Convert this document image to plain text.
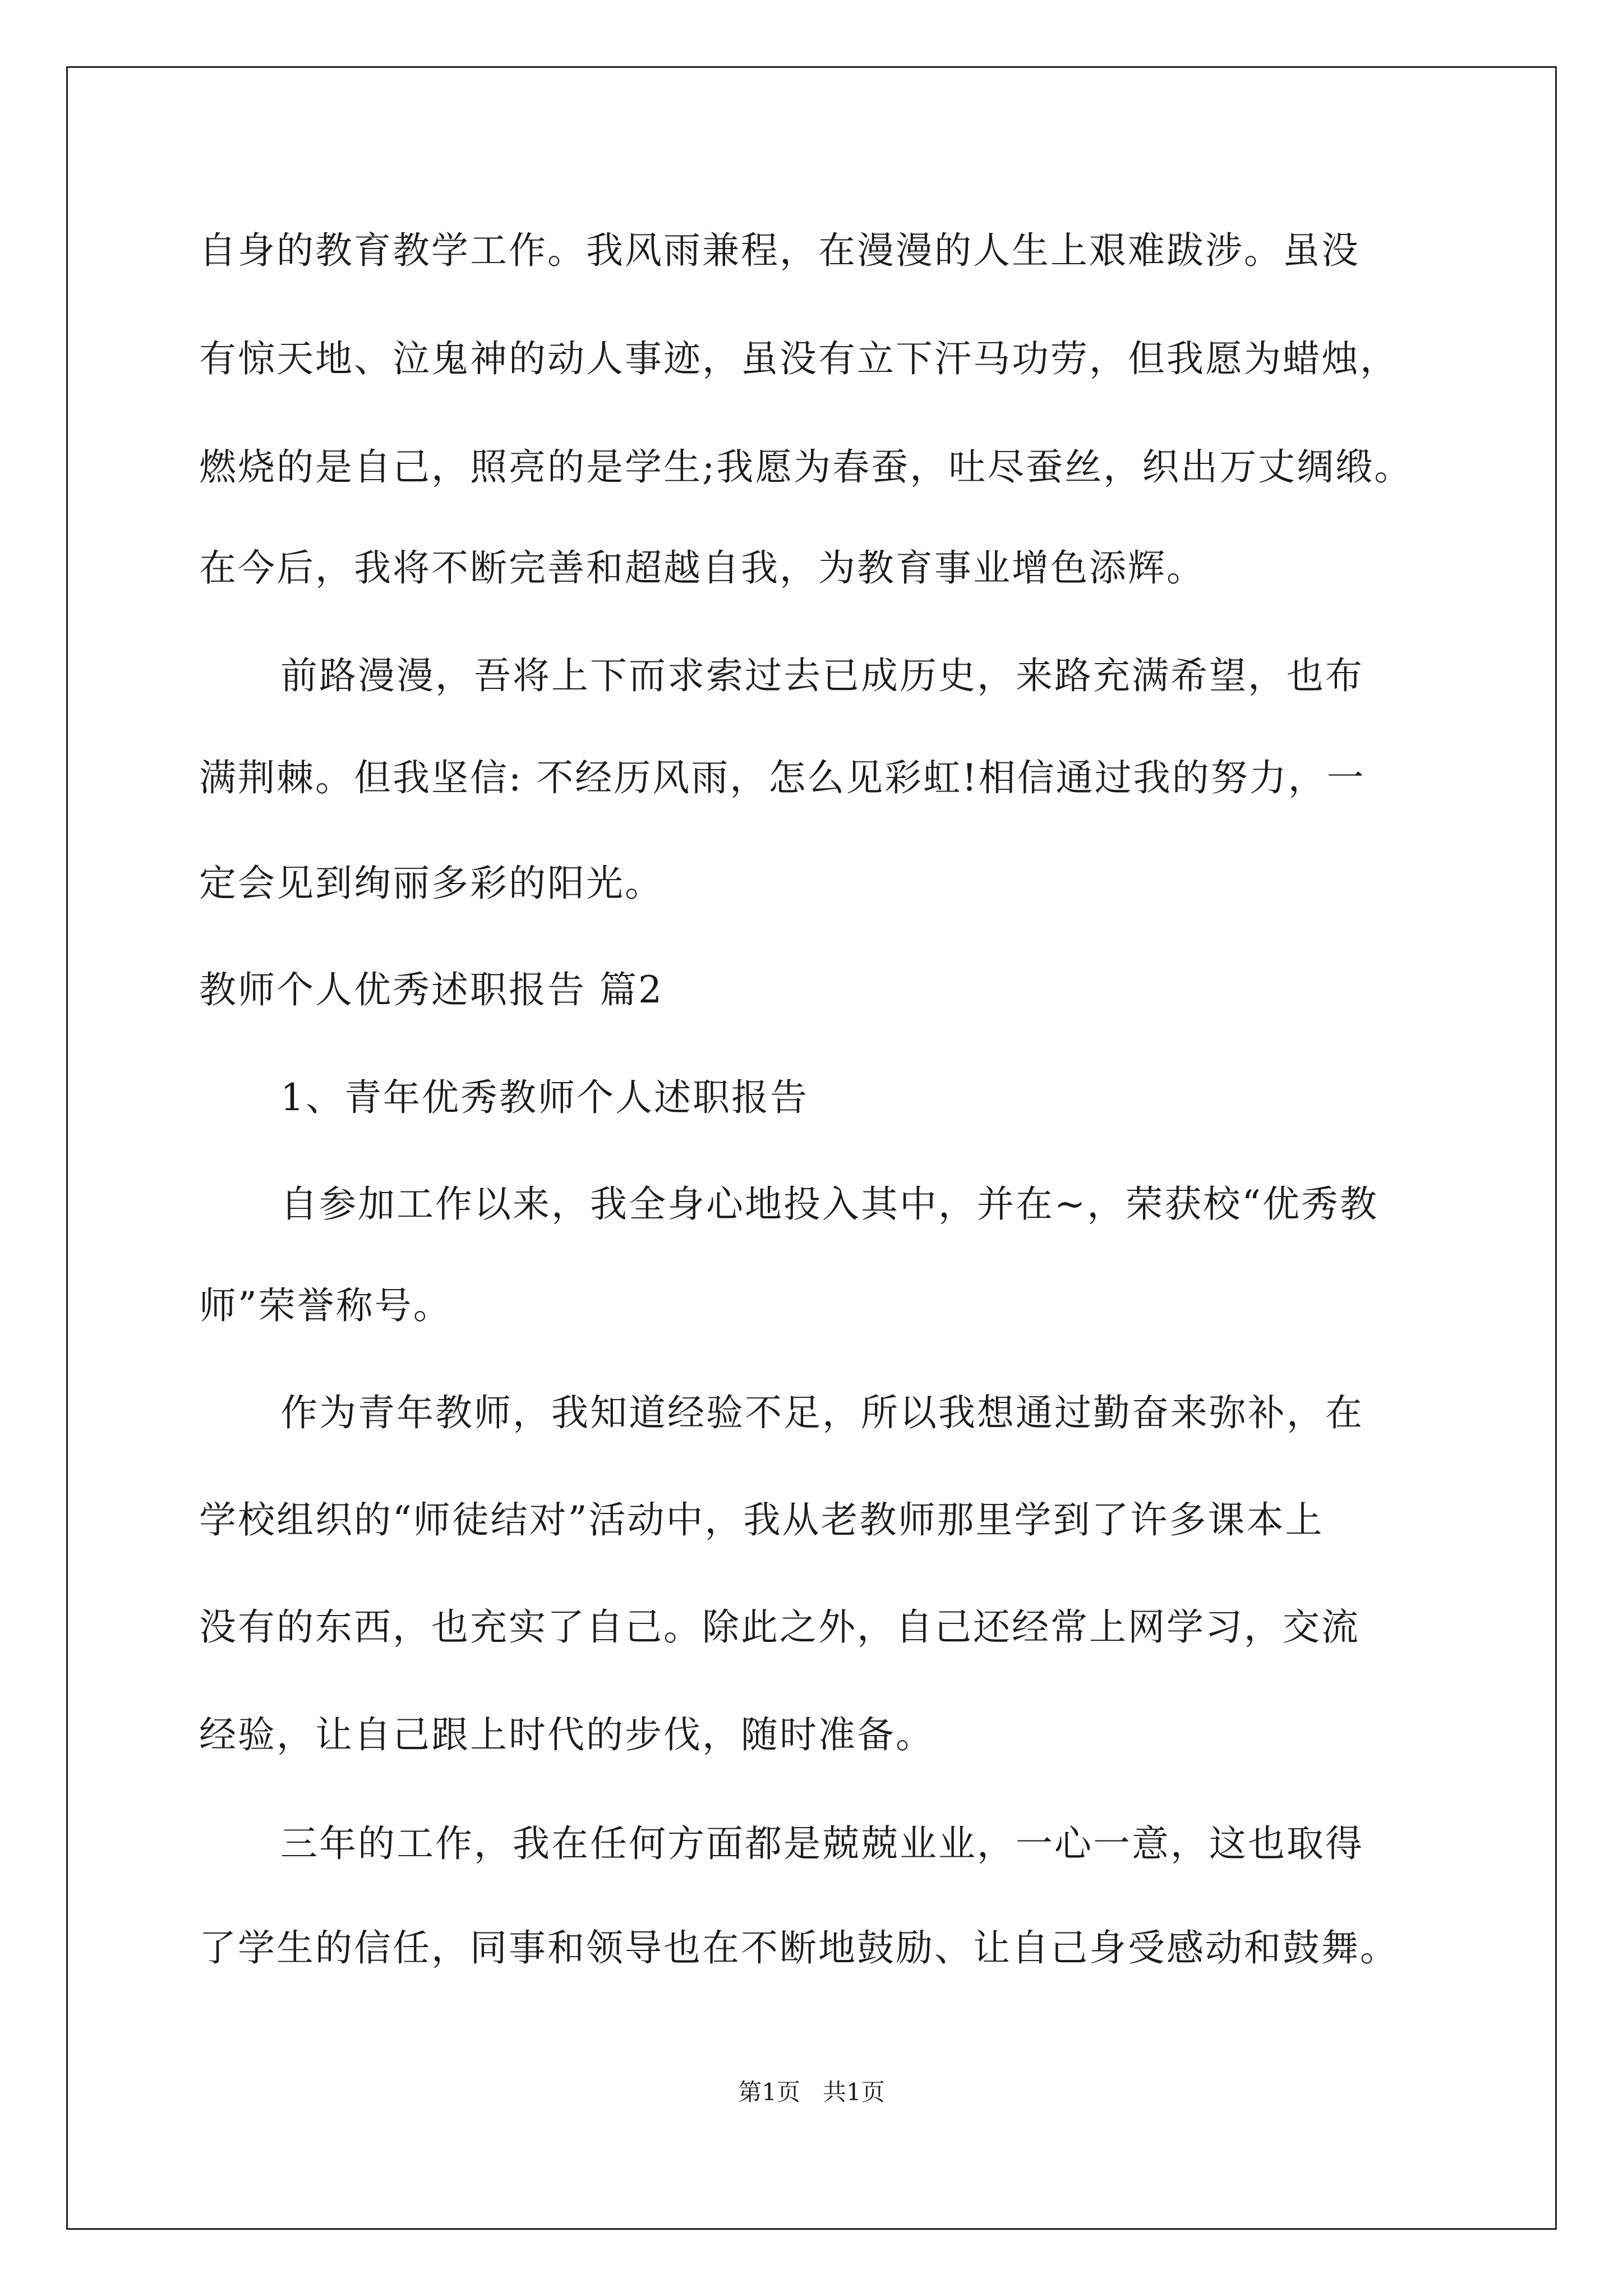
自身的教育教学工作。我风雨兼程，在漫漫的人生上艰难跋涉。虽没
有惊天地、泣鬼神的动人事迹，虽没有立下汗马功劳，但我愿为蜡烛，
燃烧的是自己，照亮的是学生;我愿为春蚕，吐尽蚕丝，织出万丈绸缎。
在今后，我将不断完善和超越自我，为教育事业增色添辉。
前路漫漫，吾将上下而求索过去已成历史，来路充满希望，也布
满荆棘。但我坚信: 不经历风雨，怎么见彩虹!相信通过我的努力，一
定会见到绚丽多彩的阳光。
教师个人优秀述职报告 篇2
1、青年优秀教师个人述职报告
自参加工作以来，我全身心地投入其中，并在~，荣获校“优秀教
师”荣誉称号。
作为青年教师，我知道经验不足，所以我想通过勤奋来弥补，在
学校组织的“师徒结对”活动中，我从老教师那里学到了许多课本上
没有的东西，也充实了自己。除此之外，自己还经常上网学习，交流
经验，让自己跟上时代的步伐，随时准备。
三年的工作，我在任何方面都是兢兢业业，一心一意，这也取得
了学生的信任，同事和领导也在不断地鼓励、让自己身受感动和鼓舞。
第1页   共1页
